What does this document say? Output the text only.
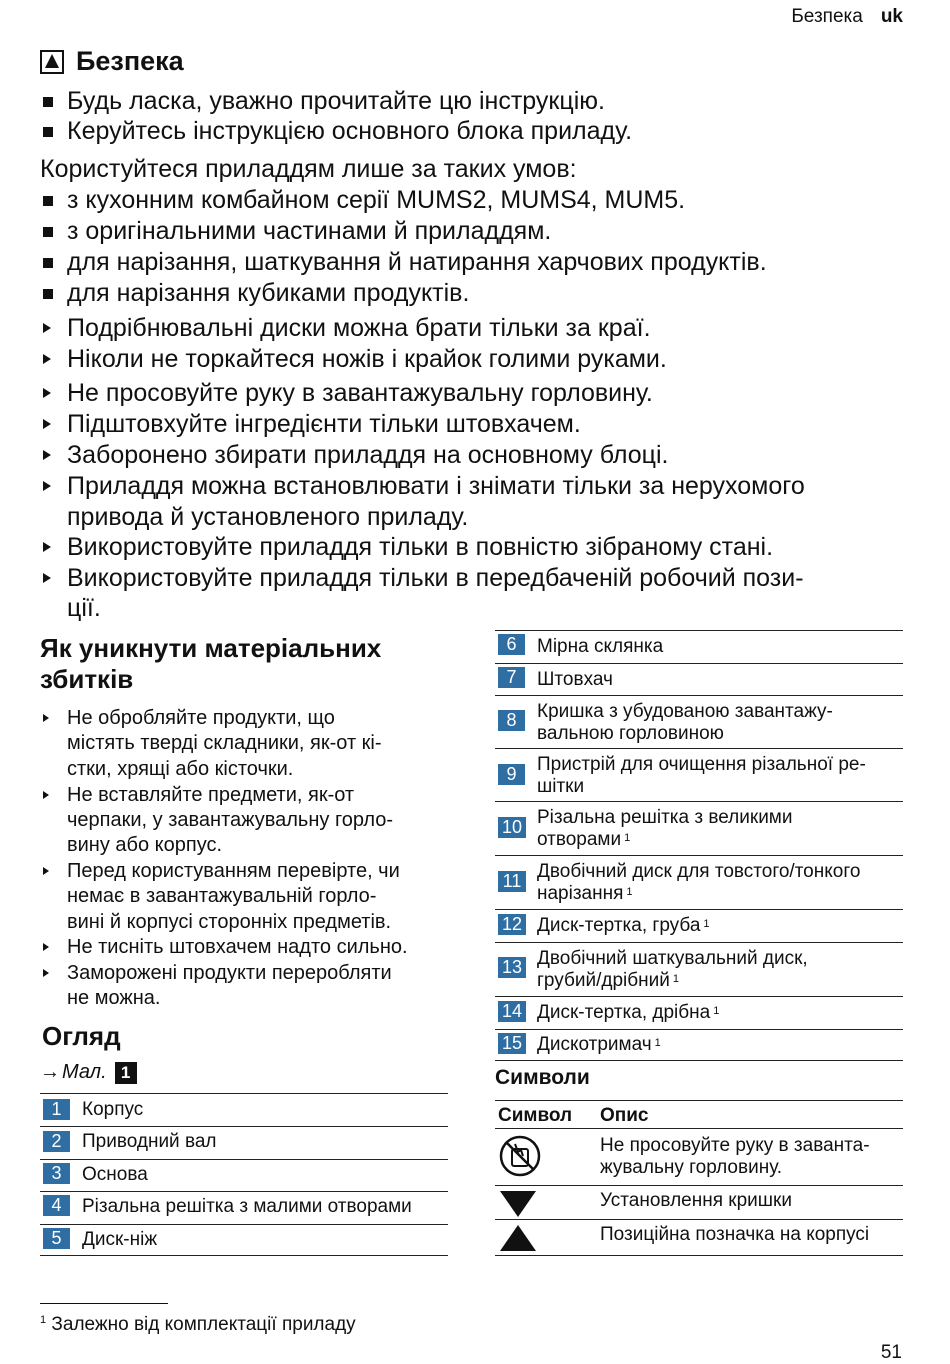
Безпека uk
Безпека
Будь ласка, уважно прочитайте цю інструкцію.
Керуйтесь інструкцією основного блока приладу.
Користуйтеся приладдям лише за таких умов:
з кухонним комбайном серії MUMS2, MUMS4, MUM5.
з оригінальними частинами й приладдям.
для нарізання, шаткування й натирання харчових продуктів.
для нарізання кубиками продуктів.
Подрібнювальні диски можна брати тільки за краї.
Ніколи не торкайтеся ножів і крайок голими руками.
Не просовуйте руку в завантажувальну горловину.
Підштовхуйте інгредієнти тільки штовхачем.
Заборонено збирати приладдя на основному блоці.
Приладдя можна встановлювати і знімати тільки за нерухомого
привода й установленого приладу.
Використовуйте приладдя тільки в повністю зібраному стані.
Використовуйте приладдя тільки в передбаченій робочий пози-
ції.
Як уникнути матеріальних
збитків
Не обробляйте продукти, що
містять тверді складники, як-от кі-
стки, хрящі або кісточки.
Не вставляйте предмети, як-от
черпаки, у завантажувальну горло-
вину або корпус.
Перед користуванням перевірте, чи
немає в завантажувальній горло-
вині й корпусі сторонніх предметів.
Не тисніть штовхачем надто сильно.
Заморожені продукти переробляти
не можна.
Огляд
→ Мал. 1
1	Корпус
2	Приводний вал
3	Основа
4	Різальна решітка з малими отворами
5	Диск-ніж
6	Мірна склянка
7	Штовхач
8	Кришка з убудованою завантажу-
вальною горловиною
9	Пристрій для очищення різальної ре-
шітки
10 Різальна решітка з великими
отворами $^1$
11 Двобічний диск для товстого/тонкого
нарізання $^1$
12 Диск-тертка, груба $^1$
13 Двобічний шаткувальний диск,
грубий/дрібний $^1$
14 Диск-тертка, дрібна $^1$
15 Дискотримач $^1$
Символи
Символ Опис
Не просовуйте руку в заванта-
жувальну горловину.
Установлення кришки
Позиційна позначка на корпусі
$^1$ Залежно від комплектації приладу
51
